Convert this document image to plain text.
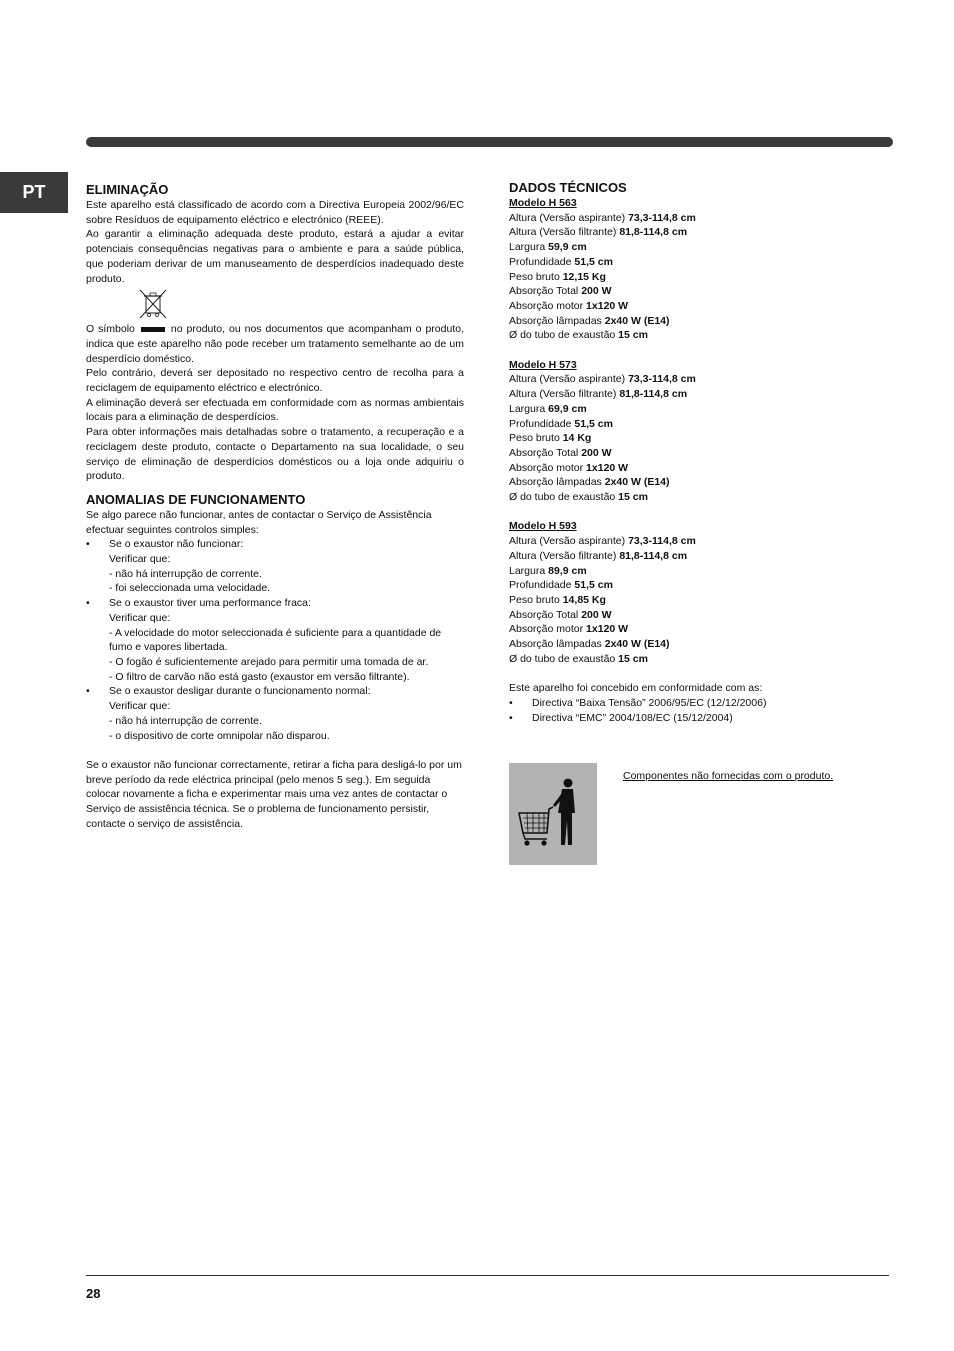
PT	ELIMINAÇÃO

Este aparelho está classificado de acordo com a Directiva Europeia 2002/96/EC sobre Resíduos de equipamento eléctrico e electrónico (REEE).

Ao garantir a eliminação adequada deste produto, estará a ajudar a evitar potenciais consequências negativas para o ambiente e para a saúde pública, que poderiam derivar de um manuseamento de desperdícios inadequado deste produto.

O símbolo	no produto, ou nos documentos que acompanham o produto, indica que este aparelho não pode receber um tratamento semelhante ao de um desperdício doméstico.

Pelo contrário, deverá ser depositado no respectivo centro de recolha para a reciclagem de equipamento eléctrico e electrónico.

A eliminação deverá ser efectuada em conformidade com as normas ambientais locais para a eliminação de desperdícios.

Para obter informações mais detalhadas sobre o tratamento, a recuperação e a reciclagem deste produto, contacte o Departamento na sua localidade, o seu serviço de eliminação de desperdícios domésticos ou a loja onde adquiriu o produto.

ANOMALIAS DE FUNCIONAMENTO

Se algo parece não funcionar, antes de contactar o Serviço de Assistência efectuar seguintes controlos simples:

•	Se o exaustor não funcionar:

Verificar que:

- não há interrupção de corrente.

- foi seleccionada uma velocidade.

•	Se o exaustor tiver uma performance fraca:

Verificar que:

- A velocidade do motor seleccionada é suficiente para a quantidade de fumo e vapores libertada.

- O fogão é suficientemente arejado para permitir uma tomada de ar.

- O filtro de carvão não está gasto (exaustor em versão filtrante).

•	Se o exaustor desligar durante o funcionamento normal:

Verificar que:

- não há interrupção de corrente.

- o dispositivo de corte omnipolar não disparou.

Se o exaustor não funcionar correctamente, retirar a ficha para desligá-lo por um breve período da rede eléctrica principal (pelo menos 5 seg.). Em seguida colocar novamente a ficha e experimentar mais uma vez antes de contactar o Serviço de assistência técnica. Se o problema de funcionamento persistir, contacte o serviço de assistência.

DADOS TÉCNICOS

Modelo H 563

Altura (Versão aspirante) 73,3-114,8 cm

Altura (Versão filtrante) 81,8-114,8 cm

Largura 59,9 cm

Profundidade 51,5 cm

Peso bruto 12,15 Kg

Absorção Total 200 W

Absorção motor 1x120 W

Absorção lâmpadas 2x40 W (E14)

Ø do tubo de exaustão 15 cm

Modelo H 573

Altura (Versão aspirante) 73,3-114,8 cm

Altura (Versão filtrante) 81,8-114,8 cm

Largura 69,9 cm

Profundidade 51,5 cm

Peso bruto 14 Kg

Absorção Total 200 W

Absorção motor 1x120 W

Absorção lâmpadas 2x40 W (E14)

Ø do tubo de exaustão 15 cm

Modelo H 593

Altura (Versão aspirante) 73,3-114,8 cm

Altura (Versão filtrante) 81,8-114,8 cm

Largura 89,9 cm

Profundidade 51,5 cm

Peso bruto 14,85 Kg

Absorção Total 200 W

Absorção motor 1x120 W

Absorção lâmpadas 2x40 W (E14)

Ø do tubo de exaustão 15 cm

Este aparelho foi concebido em conformidade com as:

•	Directiva “Baixa Tensão” 2006/95/EC (12/12/2006)
•	Directiva “EMC” 2004/108/EC (15/12/2004)
Componentes não fornecidas com o produto.
28
